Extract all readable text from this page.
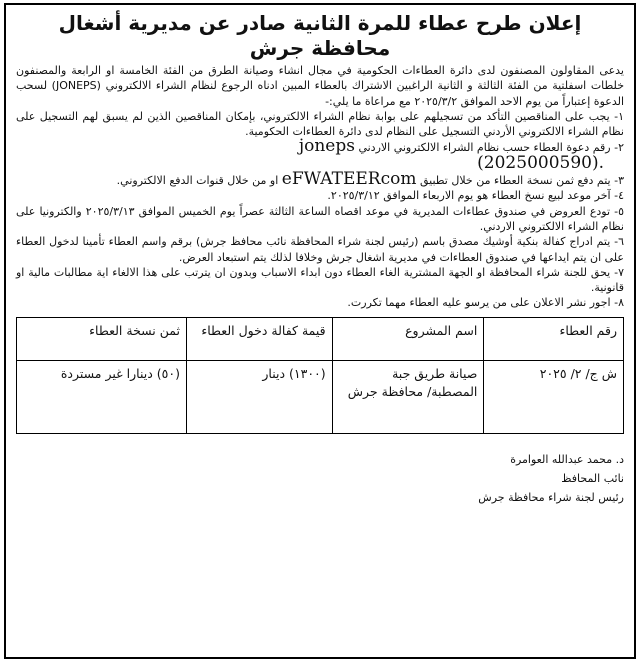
إعلان طرح عطاء للمرة الثانية صادر عن مديرية أشغال محافظة جرش

يدعى المقاولون المصنفون لدى دائرة العطاءات الحكومية في مجال انشاء وصيانة الطرق من الفئة الخامسة او الرابعة والمصنفون خلطات اسفلتية من الفئة الثالثة و الثانية الراغبين الاشتراك بالعطاء المبين ادناه الرجوع لنظام الشراء الالكتروني (JONEPS) لسحب الدعوة إعتباراً من يوم الاحد الموافق ٢٠٢٥/٣/٢ مع مراعاة ما يلي:-

١- يجب على المناقصين التأكد من تسجيلهم على بوابة نظام الشراء الالكتروني، بإمكان المناقصين الذين لم يسبق لهم التسجيل على نظام الشراء الالكتروني الأردني التسجيل على النظام لدى دائرة العطاءات الحكومية.

٢- رقم دعوة العطاء حسب نظام الشراء الالكتروني الاردني joneps

(2025000590).

٣- يتم دفع ثمن نسخة العطاء من خلال تطبيق eFWATEERcom او من خلال قنوات الدفع الالكتروني.

٤- آخر موعد لبيع نسخ العطاء هو يوم الاربعاء الموافق ٢٠٢٥/٣/١٢.

٥- تودع العروض في صندوق عطاءات المديرية في موعد اقصاه الساعة الثالثة عصراً يوم الخميس الموافق ٢٠٢٥/٣/١٣ والكترونيا على نظام الشراء الالكتروني الاردني.

٦- يتم ادراج كفالة بنكية أوشيك مصدق باسم (رئيس لجنة شراء المحافظة نائب محافظ جرش) برقم واسم العطاء تأمينا لدخول العطاء على ان يتم ايداعها في صندوق العطاءات في مديرية اشغال جرش وخلافا لذلك يتم استبعاد العرض.

٧- يحق للجنة شراء المحافظة او الجهة المشترية الغاء العطاء دون ابداء الاسباب وبدون ان يترتب على هذا الالغاء اية مطالبات مالية او قانونية.

٨- اجور نشر الاعلان على من يرسو عليه العطاء مهما تكررت.

رقم العطاء	اسم المشروع	قيمة كفالة دخول العطاء	ثمن نسخة العطاء
ش ج/ ٢/ ٢٠٢٥	صيانة طريق جبة المصطبة/ محافظة جرش	(١٣٠٠) دينار	(٥٠) دينارا غير مستردة
د. محمد عبدالله العوامرة
نائب المحافظ
رئيس لجنة شراء محافظة جرش
